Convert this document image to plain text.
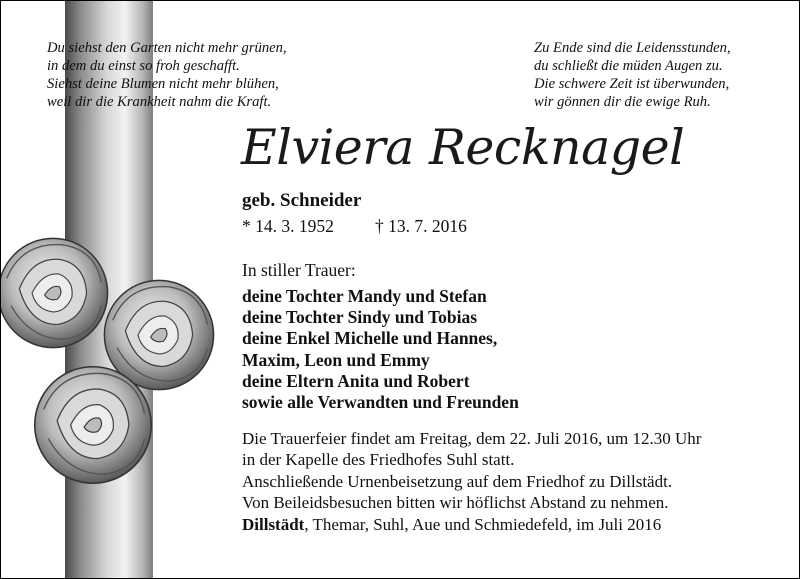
Du siehst den Garten nicht mehr grünen,
in dem du einst so froh geschafft.
Siehst deine Blumen nicht mehr blühen,
weil dir die Krankheit nahm die Kraft.
Zu Ende sind die Leidensstunden,
du schließt die müden Augen zu.
Die schwere Zeit ist überwunden,
wir gönnen dir die ewige Ruh.
Elviera Recknagel
geb. Schneider
* 14. 3. 1952 † 13. 7. 2016
In stiller Trauer:
deine Tochter Mandy und Stefan
deine Tochter Sindy und Tobias
deine Enkel Michelle und Hannes,
Maxim, Leon und Emmy
deine Eltern Anita und Robert
sowie alle Verwandten und Freunden
Die Trauerfeier findet am Freitag, dem 22. Juli 2016, um 12.30 Uhr
in der Kapelle des Friedhofes Suhl statt.
Anschließende Urnenbeisetzung auf dem Friedhof zu Dillstädt.
Von Beileidsbesuchen bitten wir höflichst Abstand zu nehmen.
Dillstädt, Themar, Suhl, Aue und Schmiedefeld, im Juli 2016
